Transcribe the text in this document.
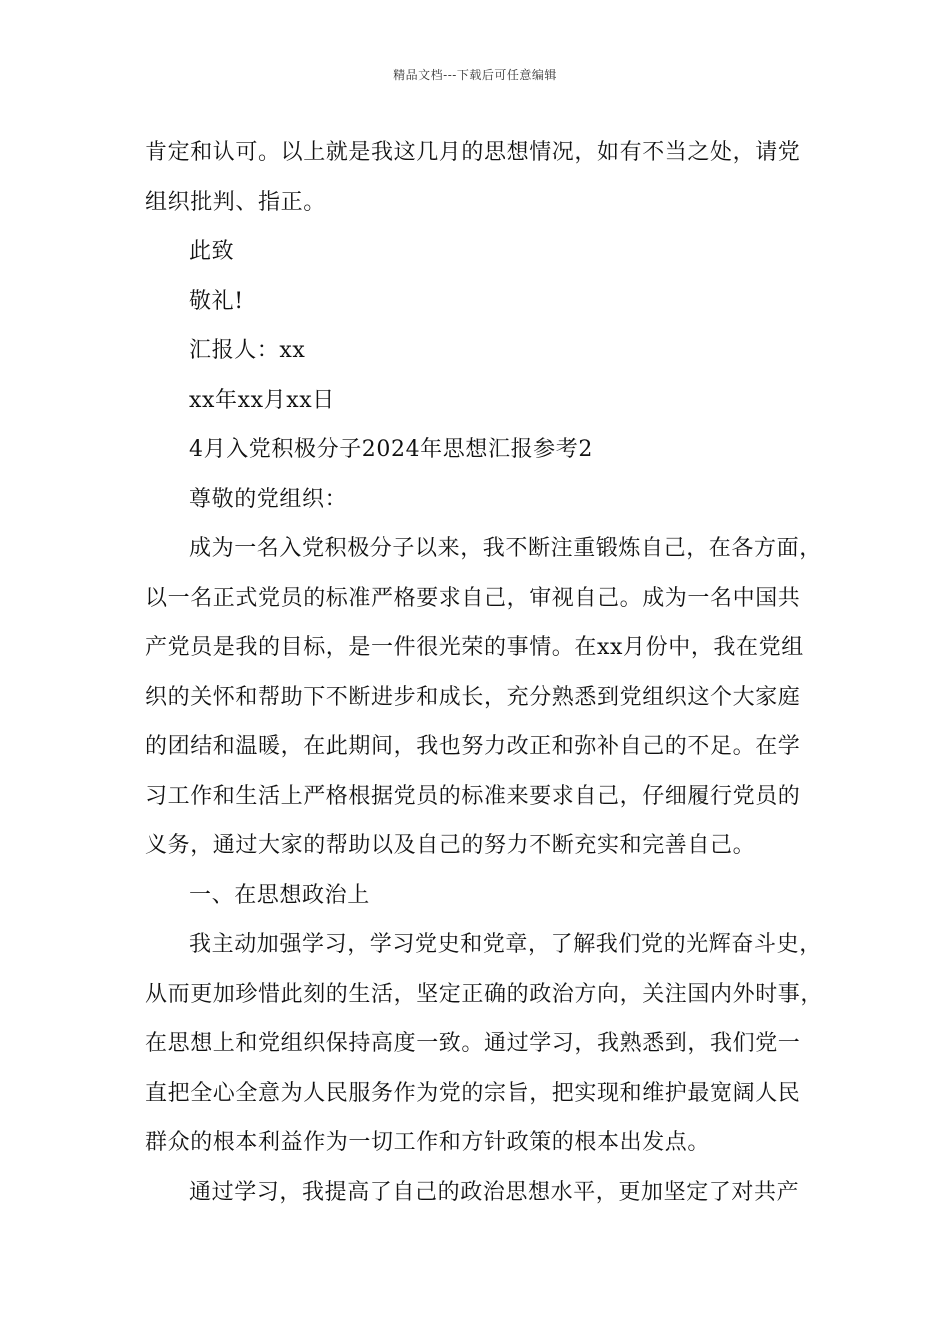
精品文档---下载后可任意编辑
肯定和认可。以上就是我这几月的思想情况，如有不当之处，请党
组织批判、指正。
此致
敬礼!
汇报人：xx
xx年xx月xx日
4月入党积极分子2024年思想汇报参考2
尊敬的党组织：
成为一名入党积极分子以来，我不断注重锻炼自己，在各方面，
以一名正式党员的标准严格要求自己，审视自己。成为一名中国共
产党员是我的目标，是一件很光荣的事情。在xx月份中，我在党组
织的关怀和帮助下不断进步和成长，充分熟悉到党组织这个大家庭
的团结和温暖，在此期间，我也努力改正和弥补自己的不足。在学
习工作和生活上严格根据党员的标准来要求自己，仔细履行党员的
义务，通过大家的帮助以及自己的努力不断充实和完善自己。
一、在思想政治上
我主动加强学习，学习党史和党章，了解我们党的光辉奋斗史，
从而更加珍惜此刻的生活，坚定正确的政治方向，关注国内外时事，
在思想上和党组织保持高度一致。通过学习，我熟悉到，我们党一
直把全心全意为人民服务作为党的宗旨，把实现和维护最宽阔人民
群众的根本利益作为一切工作和方针政策的根本出发点。
通过学习，我提高了自己的政治思想水平，更加坚定了对共产
